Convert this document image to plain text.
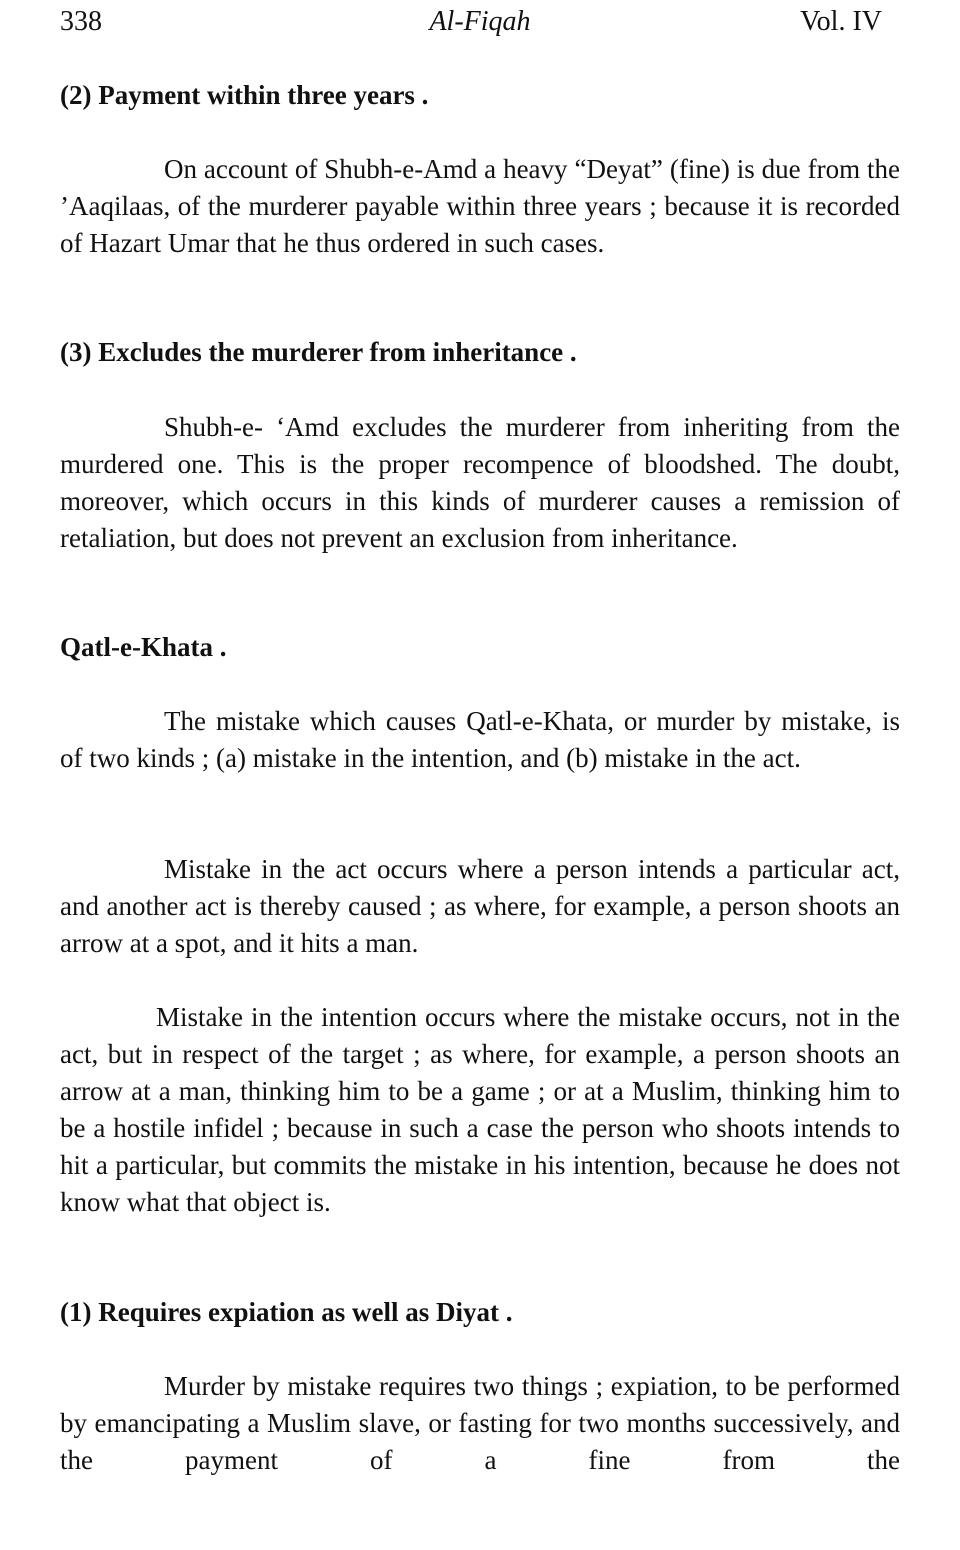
338	Al-Fiqah	Vol. IV
(2) Payment within three years .

On account of Shubh-e-Amd a heavy “Deyat” (fine) is due from the ’Aaqilaas, of the murderer payable within three years ; because it is recorded of Hazart Umar that he thus ordered in such cases.

(3) Excludes the murderer from inheritance .

Shubh-e- ‘Amd excludes the murderer from inheriting from the murdered one. This is the proper recompence of bloodshed. The doubt, moreover, which occurs in this kinds of murderer causes a remission of retaliation, but does not prevent an exclusion from inheritance.

Qatl-e-Khata .

The mistake which causes Qatl-e-Khata, or murder by mistake, is of two kinds ; (a) mistake in the intention, and (b) mistake in the act.

Mistake in the act occurs where a person intends a particular act, and another act is thereby caused ; as where, for example, a person shoots an arrow at a spot, and it hits a man.

Mistake in the intention occurs where the mistake occurs, not in the act, but in respect of the target ; as where, for example, a person shoots an arrow at a man, thinking him to be a game ; or at a Muslim, thinking him to be a hostile infidel ; because in such a case the person who shoots intends to hit a particular, but commits the mistake in his intention, because he does not know what that object is.

(1) Requires expiation as well as Diyat .

Murder by mistake requires two things ; expiation, to be performed by emancipating a Muslim slave, or fasting for two months successively, and the payment of a fine from the
